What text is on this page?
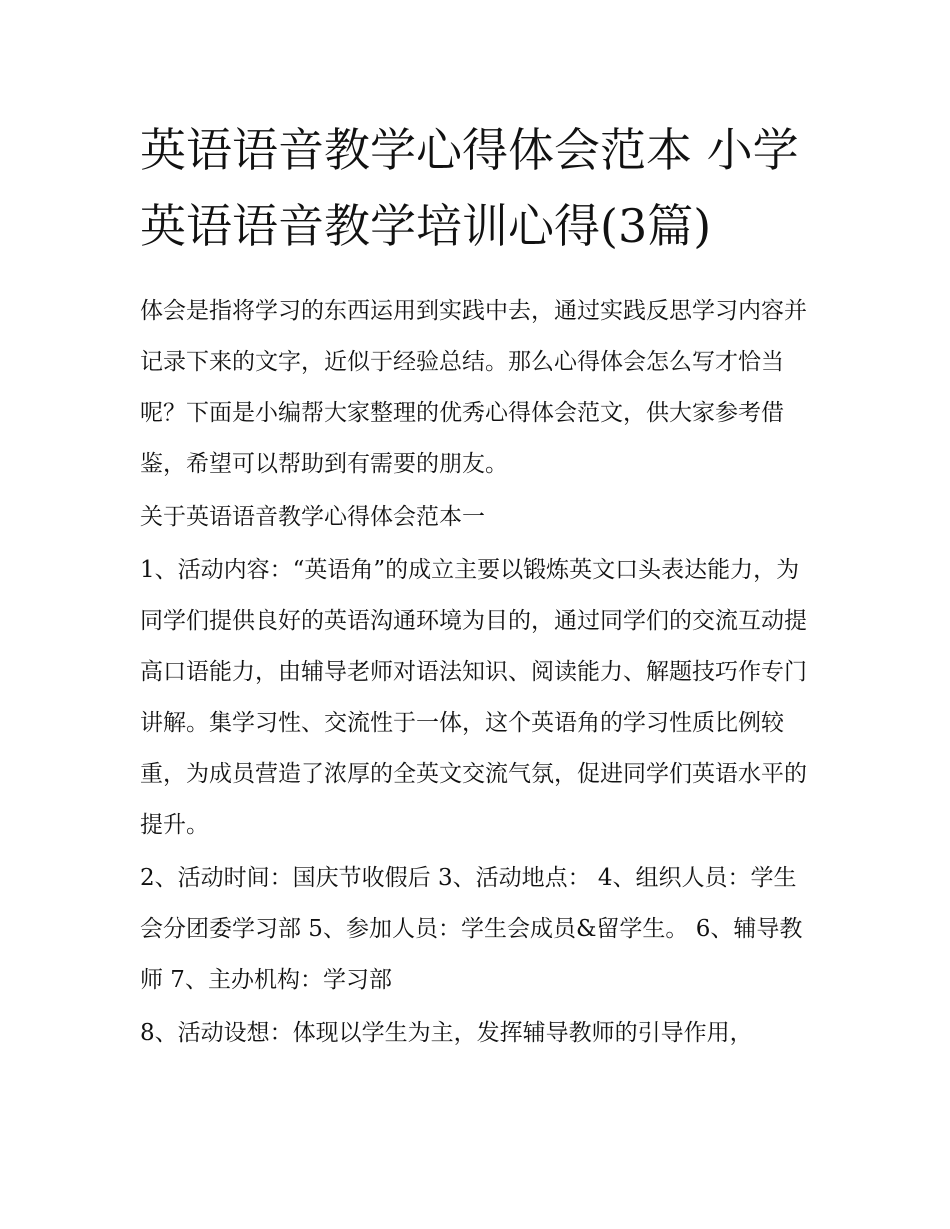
英语语音教学心得体会范本 小学英语语音教学培训心得(3篇)

体会是指将学习的东西运用到实践中去，通过实践反思学习内容并记录下来的文字，近似于经验总结。那么心得体会怎么写才恰当呢？下面是小编帮大家整理的优秀心得体会范文，供大家参考借鉴，希望可以帮助到有需要的朋友。

关于英语语音教学心得体会范本一

1、活动内容：“英语角”的成立主要以锻炼英文口头表达能力，为同学们提供良好的英语沟通环境为目的，通过同学们的交流互动提高口语能力，由辅导老师对语法知识、阅读能力、解题技巧作专门讲解。集学习性、交流性于一体，这个英语角的学习性质比例较重，为成员营造了浓厚的全英文交流气氛，促进同学们英语水平的提升。

2、活动时间：国庆节收假后 3、活动地点： 4、组织人员：学生会分团委学习部 5、参加人员：学生会成员&留学生。 6、辅导教师 7、主办机构：学习部

8、活动设想：体现以学生为主，发挥辅导教师的引导作用，
